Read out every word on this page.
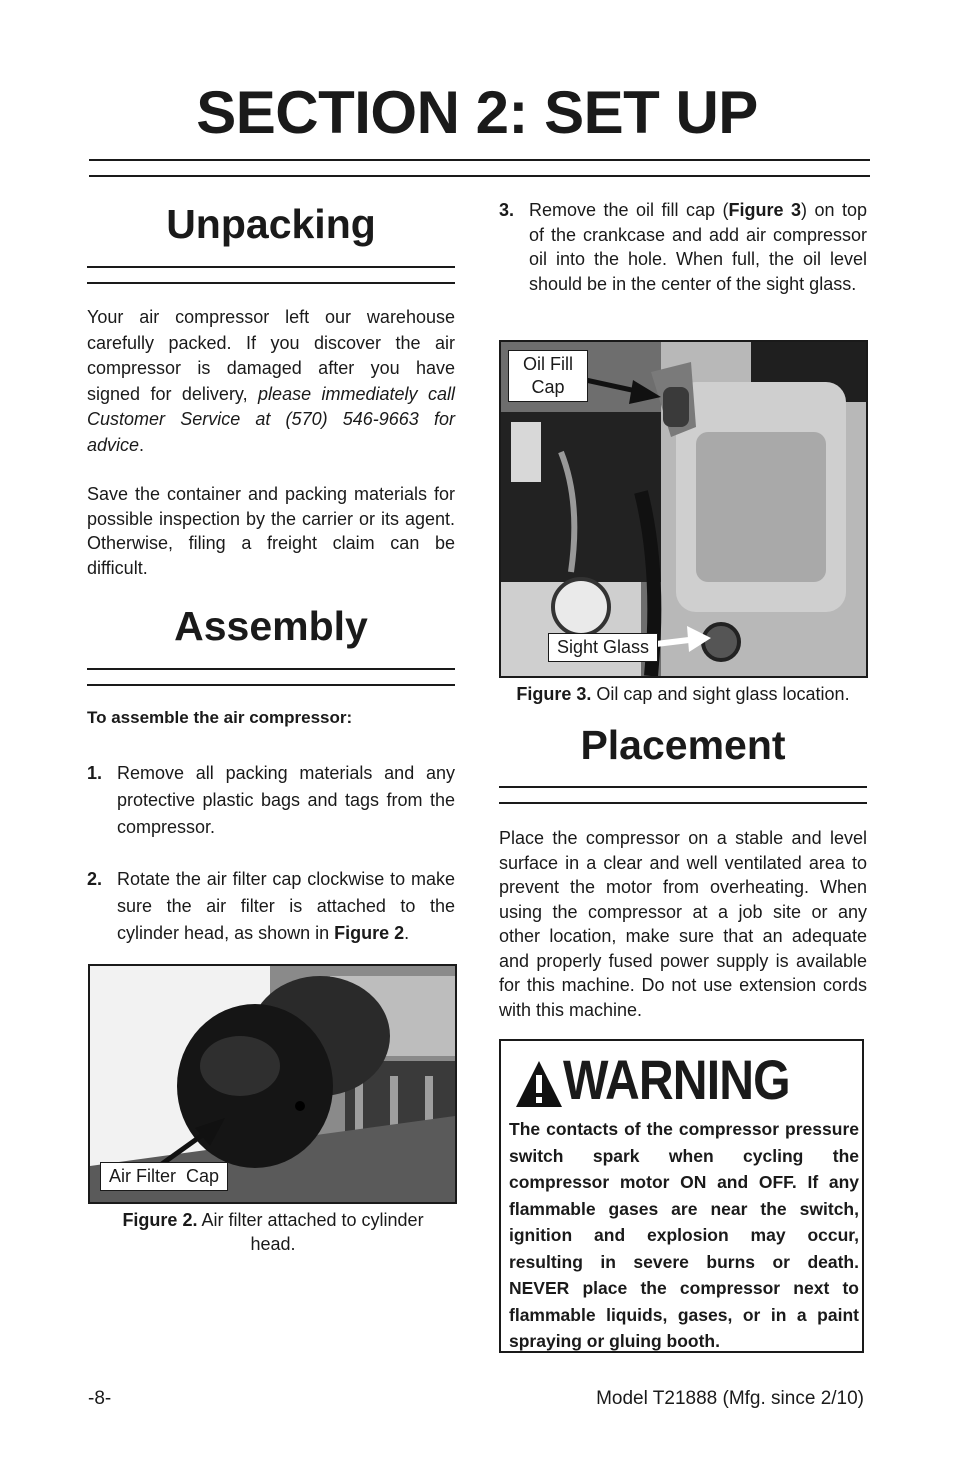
SECTION 2: SET UP
Unpacking

Your air compressor left our warehouse carefully packed. If you discover the air compressor is damaged after you have signed for delivery, please immediately call Customer Service at (570) 546-9663 for advice.

Save the container and packing materials for possible inspection by the carrier or its agent. Otherwise, filing a freight claim can be difficult.

Assembly
To assemble the air compressor:
1. Remove all packing materials and any protective plastic bags and tags from the compressor.
2. Rotate the air filter cap clockwise to make sure the air filter is attached to the cylinder head, as shown in Figure 2.
Air Filter  Cap
Figure 2. Air filter attached to cylinder head.
3. Remove the oil fill cap (Figure 3) on top of the crankcase and add air compressor oil into the hole. When full, the oil level should be in the center of the sight glass.
Oil Fill Cap
Sight Glass
Figure 3. Oil cap and sight glass location.
Placement

Place the compressor on a stable and level surface in a clear and well ventilated area to prevent the motor from overheating. When using the compressor at a job site or any other location, make sure that an adequate and properly fused power supply is available for this machine. Do not use extension cords with this machine.

WARNING
The contacts of the compressor pressure switch spark when cycling the compressor motor ON and OFF. If any flammable gases are near the switch, ignition and explosion may occur, resulting in severe burns or death. NEVER place the compressor next to flammable liquids, gases, or in a paint spraying or gluing booth.
-8-	Model T21888 (Mfg. since 2/10)
